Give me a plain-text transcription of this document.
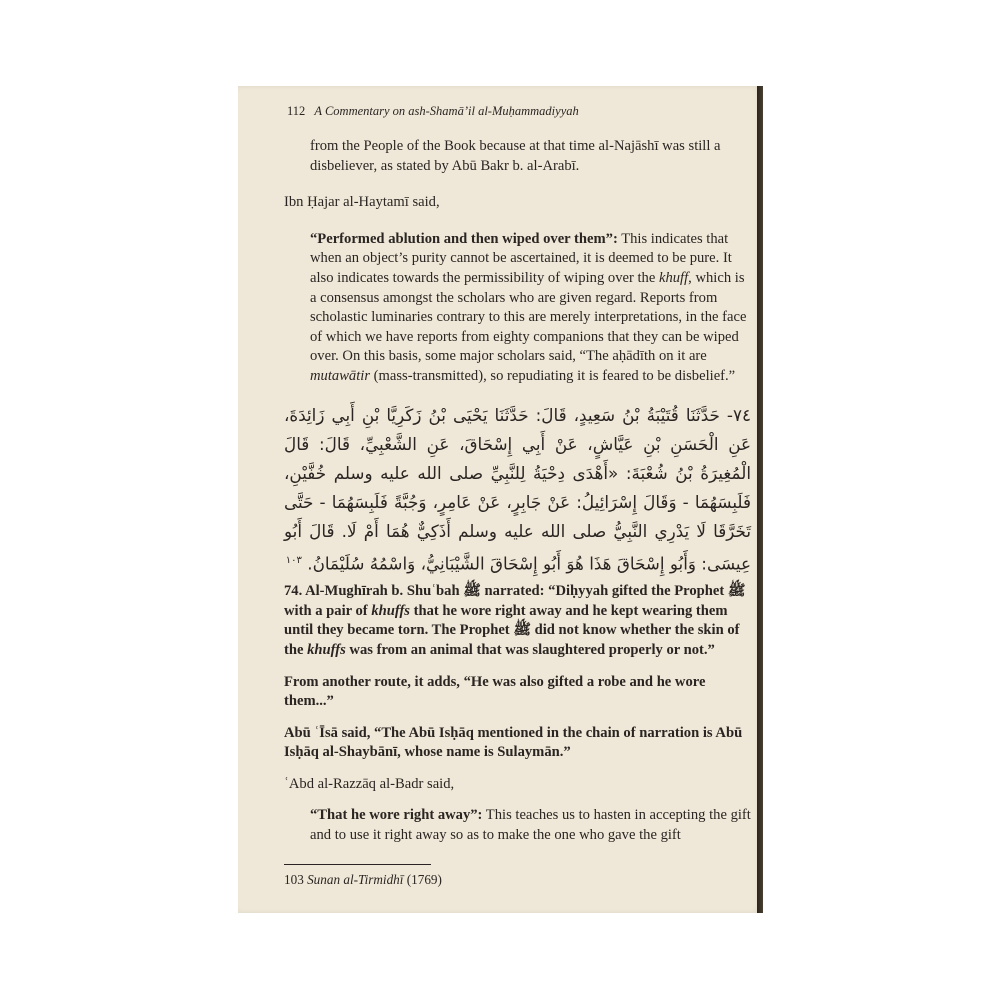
112 A Commentary on ash-Shamā’il al-Muḥammadiyyah

from the People of the Book because at that time al-Najāshī was still a disbeliever, as stated by Abū Bakr b. al-Arabī.

Ibn Ḥajar al-Haytamī said,

“Performed ablution and then wiped over them”: This indicates that when an object’s purity cannot be ascertained, it is deemed to be pure. It also indicates towards the permissibility of wiping over the khuff, which is a consensus amongst the scholars who are given regard. Reports from scholastic luminaries contrary to this are merely interpretations, in the face of which we have reports from eighty companions that they can be wiped over. On this basis, some major scholars said, “The aḥādīth on it are mutawātir (mass-transmitted), so repudiating it is feared to be disbelief.”

٧٤- حَدَّثَنَا قُتَيْبَةُ بْنُ سَعِيدٍ، قَالَ: حَدَّثَنَا يَحْيَى بْنُ زَكَرِيَّا بْنِ أَبِي زَائِدَةَ، عَنِ الْحَسَنِ بْنِ عَيَّاشٍ، عَنْ أَبِي إِسْحَاقَ، عَنِ الشَّعْبِيِّ، قَالَ: قَالَ الْمُغِيرَةُ بْنُ شُعْبَةَ: «أَهْدَى دِحْيَةُ لِلنَّبِيِّ صلى الله عليه وسلم خُفَّيْنِ، فَلَبِسَهُمَا - وَقَالَ إِسْرَائِيلُ: عَنْ جَابِرٍ، عَنْ عَامِرٍ، وَجُبَّةً فَلَبِسَهُمَا - حَتَّى تَخَرَّقَا لَا يَدْرِي النَّبِيُّ صلى الله عليه وسلم أَذَكِيٌّ هُمَا أَمْ لَا. قَالَ أَبُو عِيسَى: وَأَبُو إِسْحَاقَ هَذَا هُوَ أَبُو إِسْحَاقَ الشَّيْبَانِيُّ، وَاسْمُهُ سُلَيْمَانُ. $^{١٠٣}$

74. Al-Mughīrah b. Shuʿbah ﷺ narrated: “Diḥyyah gifted the Prophet ﷺ with a pair of khuffs that he wore right away and he kept wearing them until they became torn. The Prophet ﷺ did not know whether the skin of the khuffs was from an animal that was slaughtered properly or not.”

From another route, it adds, “He was also gifted a robe and he wore them...”

Abū ʿĪsā said, “The Abū Isḥāq mentioned in the chain of narration is Abū Isḥāq al-Shaybānī, whose name is Sulaymān.”

ʿAbd al-Razzāq al-Badr said,

“That he wore right away”: This teaches us to hasten in accepting the gift and to use it right away so as to make the one who gave the gift

103 Sunan al-Tirmidhī (1769)
